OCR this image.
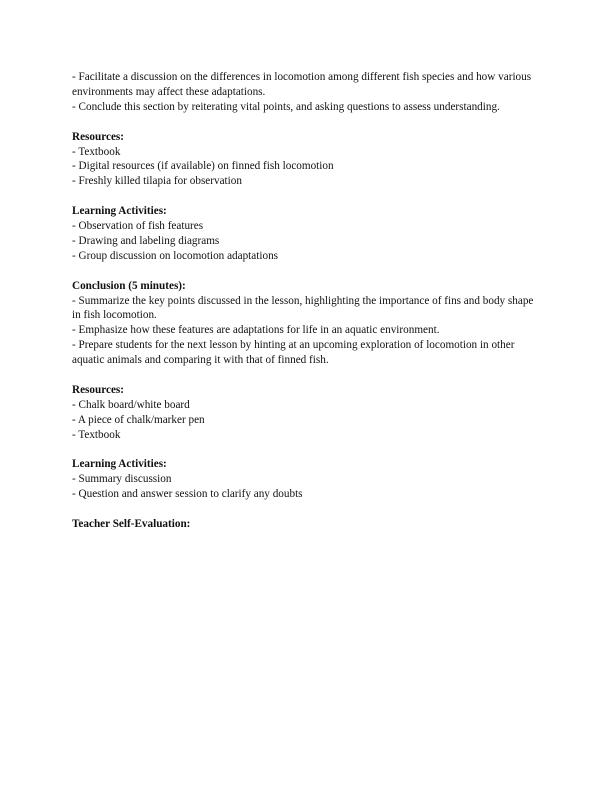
- Facilitate a discussion on the differences in locomotion among different fish species and how various environments may affect these adaptations.

- Conclude this section by reiterating vital points, and asking questions to assess understanding.

Resources:

- Textbook

- Digital resources (if available) on finned fish locomotion

- Freshly killed tilapia for observation

Learning Activities:

- Observation of fish features

- Drawing and labeling diagrams

- Group discussion on locomotion adaptations

Conclusion (5 minutes):

- Summarize the key points discussed in the lesson, highlighting the importance of fins and body shape in fish locomotion.

- Emphasize how these features are adaptations for life in an aquatic environment.

- Prepare students for the next lesson by hinting at an upcoming exploration of locomotion in other aquatic animals and comparing it with that of finned fish.

Resources:

- Chalk board/white board

- A piece of chalk/marker pen

- Textbook

Learning Activities:

- Summary discussion

- Question and answer session to clarify any doubts

Teacher Self-Evaluation:
